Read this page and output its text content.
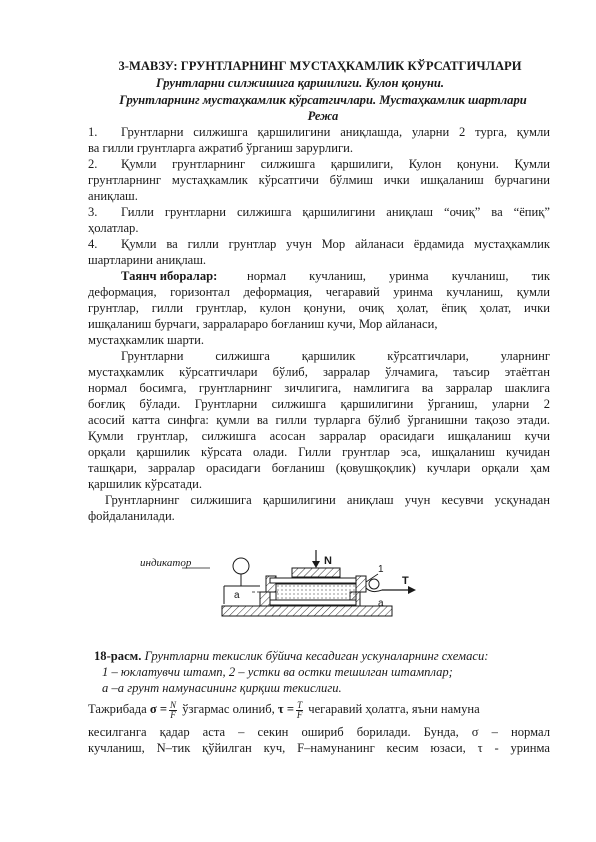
3-МАВЗУ: ГРУНТЛАРНИНГ МУСТАҲКАМЛИК КЎРСАТГИЧЛАРИ
Грунтларни силжишига қаршилиги. Кулон қонуни.
Грунтларнинг мустаҳкамлик кўрсатгичлари. Мустаҳкамлик шартлари
Режа
1. Грунтларни силжишга қаршилигини аниқлашда, уларни 2 турга, қумли
ва гилли грунтларга ажратиб ўрганиш зарурлиги.
2. Қумли грунтларнинг силжишга қаршилиги, Кулон қонуни. Қумли
грунтларнинг мустаҳкамлик кўрсатгичи бўлмиш ички ишқаланиш бурчагини
аниқлаш.
3. Гилли грунтларни силжишга қаршилигини аниқлаш “очиқ” ва “ёпиқ”
ҳолатлар.
4. Қумли ва гилли грунтлар учун Мор айланаси ёрдамида мустаҳкамлик
шартларини аниқлаш.
Таянч иборалар: нормал кучланиш, уринма кучланиш, тик
деформация, горизонтал деформация, чегаравий уринма кучланиш, қумли
грунтлар, гилли грунтлар, кулон қонуни, очиқ ҳолат, ёпиқ ҳолат, ички
ишқаланиш бурчаги, зарралараро боғланиш кучи, Мор айланаси,
мустаҳкамлик шарти.
Грунтларни силжишга қаршилик кўрсатгичлари, уларнинг
мустаҳкамлик кўрсатгичлари бўлиб, зарралар ўлчамига, таъсир этаётган
нормал босимга, грунтларнинг зичлигига, намлигига ва зарралар шаклига
боғлиқ бўлади. Грунтларни силжишга қаршилигини ўрганиш, уларни 2
асосий катта синфга: қумли ва гилли турларга бўлиб ўрганишни тақозо этади.
Қумли грунтлар, силжишга асосан зарралар орасидаги ишқаланиш кучи
орқали қаршилик кўрсата олади. Гилли грунтлар эса, ишқаланиш кучидан
ташқари, зарралар орасидаги боғланиш (қовушқоқлик) кучлари орқали ҳам
қаршилик кўрсатади.
Грунтларнинг силжишига қаршилигини аниқлаш учун кесувчи усқунадан
фойдаланилади.
индикатор	N
1
а
а
T
18-расм. Грунтларни текислик бўйича кесадиган ускуналарнинг схемаси:
1 – юклатувчи штамп, 2 – устки ва остки тешилган штамплар;
а –а грунт намунасининг қирқиш текислиги.
Тажрибада $\sigma = \frac{N}{F}$ ўзгармас олиниб, $\tau = \frac{T}{F}$ чегаравий ҳолатга, яъни намуна
кесилганга қадар аста – секин ошириб борилади. Бунда, σ – нормал
кучланиш, N–тик қўйилган куч, F–намунанинг кесим юзаси, τ - уринма
